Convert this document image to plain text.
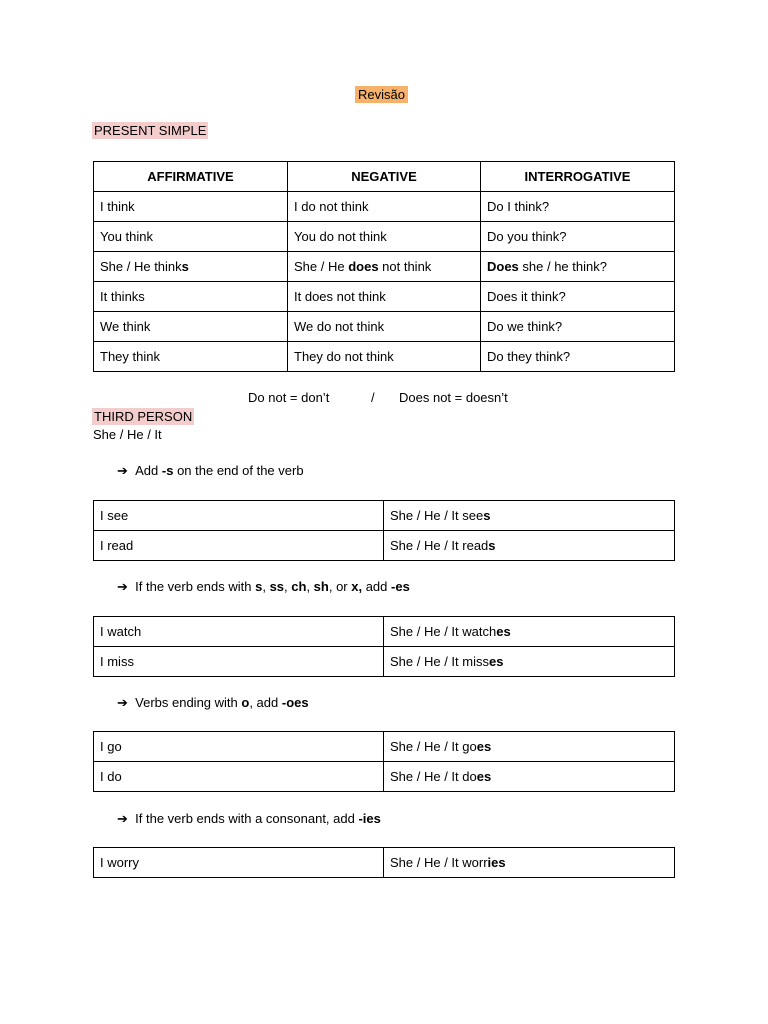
Revisão
PRESENT SIMPLE
AFFIRMATIVE	NEGATIVE	INTERROGATIVE
I think	I do not think	Do I think?
You think	You do not think	Do you think?
She / He thinks	She / He does not think	Does she / he think?
It thinks	It does not think	Does it think?
We think	We do not think	Do we think?
They think	They do not think	Do they think?
Do not = don’t	/ Does not = doesn’t
THIRD PERSON
She / He / It
➔ Add -s on the end of the verb
I see	She / He / It sees
I read	She / He / It reads
➔ If the verb ends with s, ss, ch, sh, or x, add -es
I watch	She / He / It watches
I miss	She / He / It misses
➔ Verbs ending with o, add -oes
I go	She / He / It goes
I do	She / He / It does
➔ If the verb ends with a consonant, add -ies
I worry	She / He / It worries
